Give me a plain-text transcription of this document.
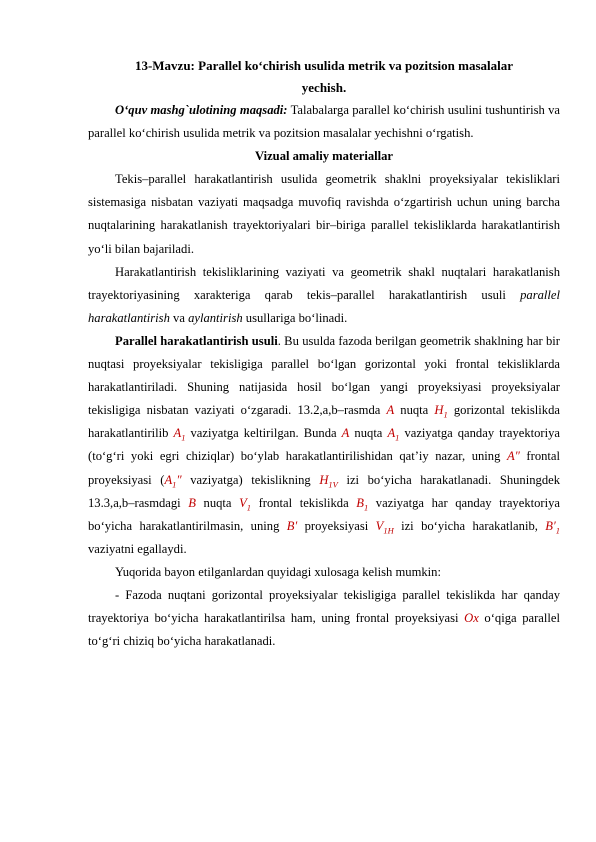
13-Mavzu: Parallel ko‘chirish usulida metrik va pozitsion masalalar
yechish.

O‘quv mashg`ulotining maqsadi: Talabalarga parallel ko‘chirish usulini tushuntirish va parallel ko‘chirish usulida metrik va pozitsion masalalar yechishni o‘rgatish.

Vizual amaliy materiallar

Tekis–parallel harakatlantirish usulida geometrik shaklni proyeksiyalar tekisliklari sistemasiga nisbatan vaziyati maqsadga muvofiq ravishda o‘zgartirish uchun uning barcha nuqtalarining harakatlanish trayektoriyalari bir–biriga parallel tekisliklarda harakatlantirish yo‘li bilan bajariladi.

Harakatlantirish tekisliklarining vaziyati va geometrik shakl nuqtalari harakatlanish trayektoriyasining xarakteriga qarab tekis–parallel harakatlantirish usuli parallel harakatlantirish va aylantirish usullariga bo‘linadi.

Parallel harakatlantirish usuli. Bu usulda fazoda berilgan geometrik shaklning har bir nuqtasi proyeksiyalar tekisligiga parallel bo‘lgan gorizontal yoki frontal tekisliklarda harakatlantiriladi. Shuning natijasida hosil bo‘lgan yangi proyeksiyasi proyeksiyalar tekisligiga nisbatan vaziyati o‘zgaradi. 13.2,a,b–rasmda A nuqta $H_1$ gorizontal tekislikda harakatlantirilib $A_1$ vaziyatga keltirilgan. Bunda A nuqta $A_1$ vaziyatga qanday trayektoriya (to‘g‘ri yoki egri chiziqlar) bo‘ylab harakatlantirilishidan qat’iy nazar, uning A″ frontal proyeksiyasi ($A_1''$ vaziyatga) tekislikning $H_{1V}$ izi bo‘yicha harakatlanadi. Shuningdek 13.3,a,b–rasmdagi B nuqta $V_1$ frontal tekislikda $B_1$ vaziyatga har qanday trayektoriya bo‘yicha harakatlantirilmasin, uning B′ proyeksiyasi $V_{1H}$ izi bo‘yicha harakatlanib, $B'_1$ vaziyatni egallaydi.

Yuqorida bayon etilganlardan quyidagi xulosaga kelish mumkin:

- Fazoda nuqtani gorizontal proyeksiyalar tekisligiga parallel tekislikda har qanday trayektoriya bo‘yicha harakatlantirilsa ham, uning frontal proyeksiyasi Ox o‘qiga parallel to‘g‘ri chiziq bo‘yicha harakatlanadi.
